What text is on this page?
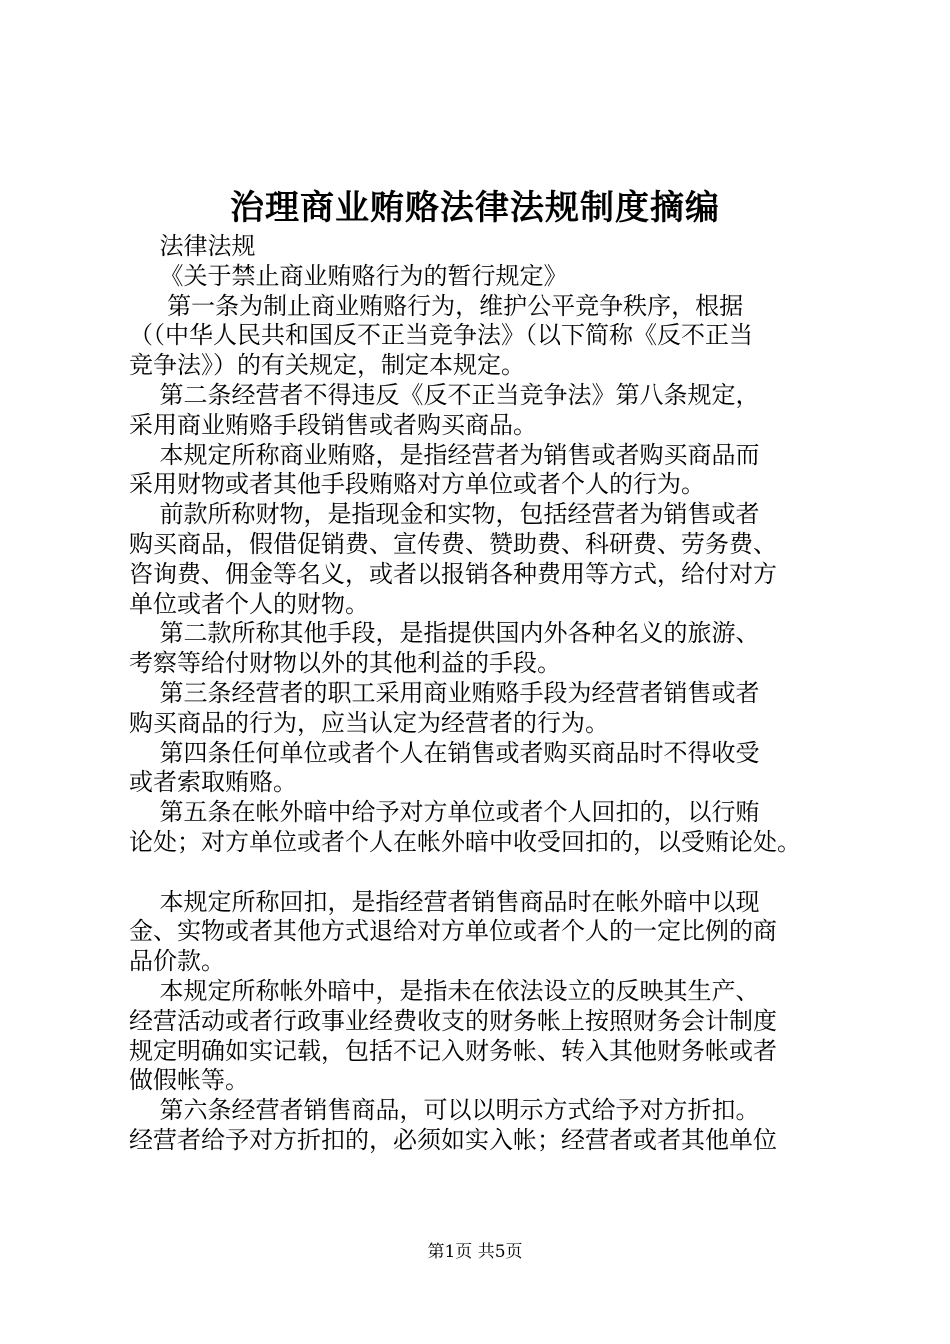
治理商业贿赂法律法规制度摘编
法律法规
《关于禁止商业贿赂行为的暂行规定》
第一条为制止商业贿赂行为，维护公平竞争秩序，根据
（（中华人民共和国反不正当竞争法》（以下简称《反不正当
竞争法》）的有关规定，制定本规定。
第二条经营者不得违反《反不正当竞争法》第八条规定，
采用商业贿赂手段销售或者购买商品。
本规定所称商业贿赂，是指经营者为销售或者购买商品而
采用财物或者其他手段贿赂对方单位或者个人的行为。
前款所称财物，是指现金和实物，包括经营者为销售或者
购买商品，假借促销费、宣传费、赞助费、科研费、劳务费、
咨询费、佣金等名义，或者以报销各种费用等方式，给付对方
单位或者个人的财物。
第二款所称其他手段，是指提供国内外各种名义的旅游、
考察等给付财物以外的其他利益的手段。
第三条经营者的职工采用商业贿赂手段为经营者销售或者
购买商品的行为，应当认定为经营者的行为。
第四条任何单位或者个人在销售或者购买商品时不得收受
或者索取贿赂。
第五条在帐外暗中给予对方单位或者个人回扣的，以行贿
论处；对方单位或者个人在帐外暗中收受回扣的，以受贿论处。
本规定所称回扣，是指经营者销售商品时在帐外暗中以现
金、实物或者其他方式退给对方单位或者个人的一定比例的商
品价款。
本规定所称帐外暗中，是指未在依法设立的反映其生产、
经营活动或者行政事业经费收支的财务帐上按照财务会计制度
规定明确如实记载，包括不记入财务帐、转入其他财务帐或者
做假帐等。
第六条经营者销售商品，可以以明示方式给予对方折扣。
经营者给予对方折扣的，必须如实入帐；经营者或者其他单位
第1页 共5页
